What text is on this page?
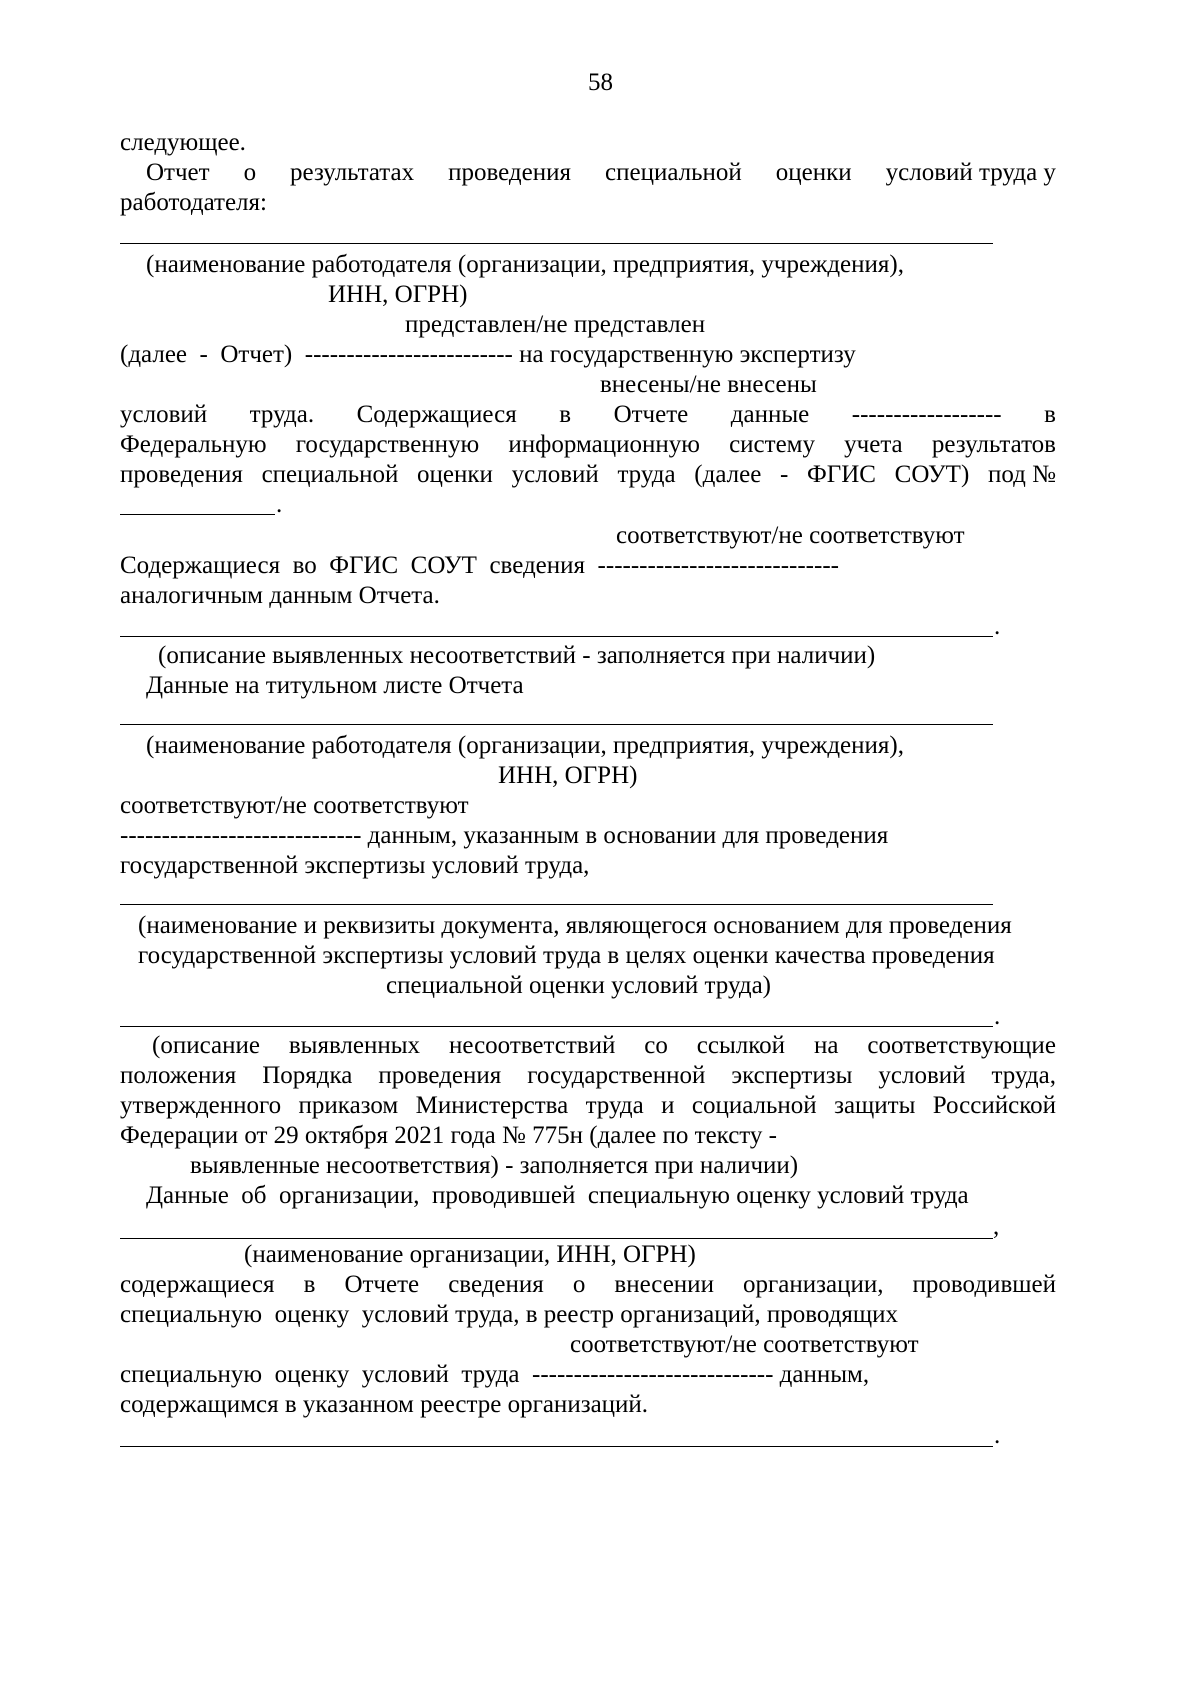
58
следующее.
Отчет о результатах проведения специальной оценки условий труда у
работодателя:
(наименование работодателя (организации, предприятия, учреждения),
ИНН, ОГРН)
представлен/не представлен
(далее  -  Отчет)  ------------------------- на государственную экспертизу
внесены/не внесены
условий труда. Содержащиеся в Отчете данные ------------------ в
Федеральную государственную информационную систему учета результатов
проведения специальной оценки условий труда (далее - ФГИС СОУТ) под №
.
соответствуют/не соответствуют
Содержащиеся  во  ФГИС  СОУТ  сведения  -----------------------------
аналогичным данным Отчета.
.
(описание выявленных несоответствий - заполняется при наличии)
Данные на титульном листе Отчета
(наименование работодателя (организации, предприятия, учреждения),
ИНН, ОГРН)
соответствуют/не соответствуют
----------------------------- данным, указанным в основании для проведения
государственной экспертизы условий труда,
(наименование и реквизиты документа, являющегося основанием для проведения
государственной экспертизы условий труда в целях оценки качества проведения
специальной оценки условий труда)
.
(описание выявленных несоответствий со ссылкой на соответствующие
положения Порядка проведения государственной экспертизы условий труда,
утвержденного приказом Министерства труда и социальной защиты Российской
Федерации от 29 октября 2021 года № 775н (далее по тексту -
выявленные несоответствия) - заполняется при наличии)
Данные  об  организации,  проводившей  специальную оценку условий труда
,
(наименование организации, ИНН, ОГРН)
содержащиеся в Отчете сведения о внесении организации, проводившей
специальную  оценку  условий труда, в реестр организаций, проводящих
соответствуют/не соответствуют
специальную  оценку  условий  труда  ----------------------------- данным,
содержащимся в указанном реестре организаций.
.
